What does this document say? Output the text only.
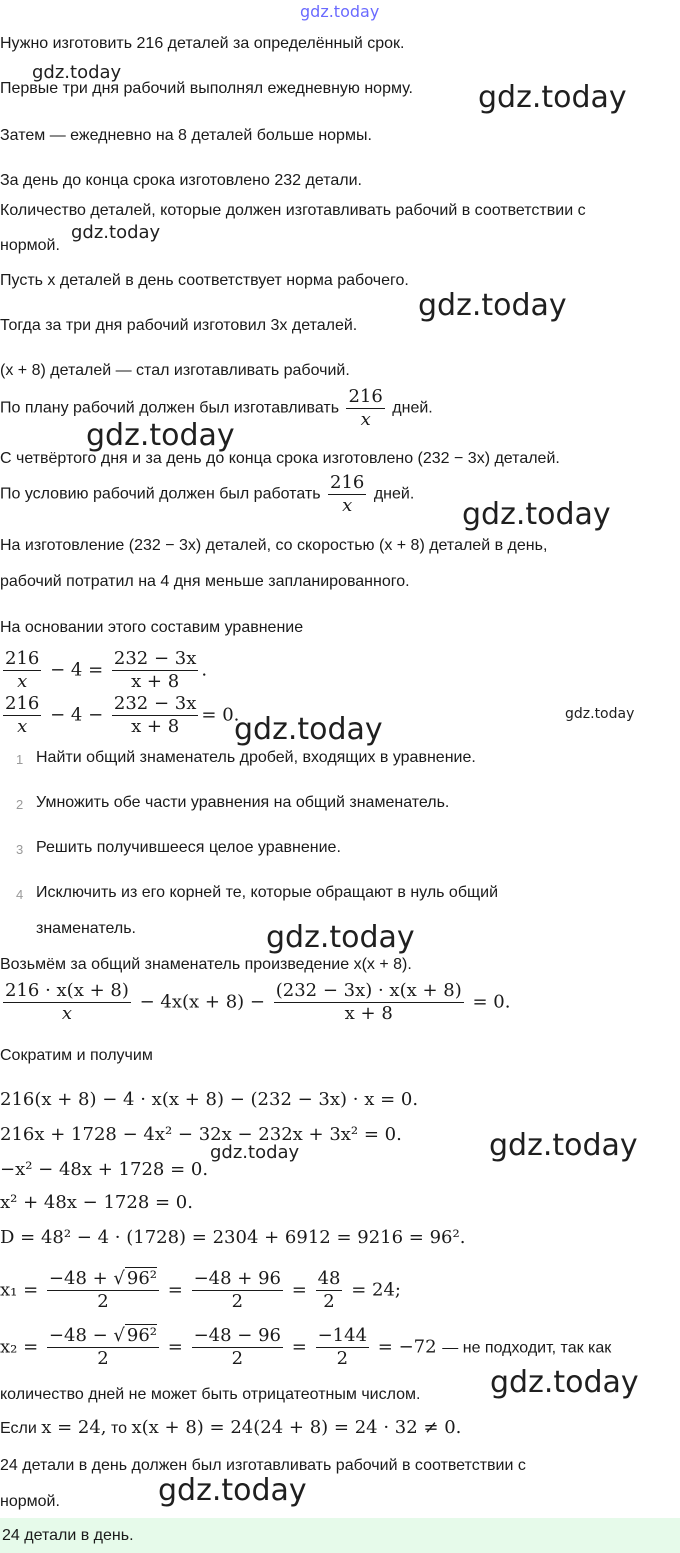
gdz.today
Нужно изготовить 216 деталей за определённый срок.
Первые три дня рабочий выполнял ежедневную норму.
Затем — ежедневно на 8 деталей больше нормы.
За день до конца срока изготовлено 232 детали.
Количество деталей, которые должен изготавливать рабочий в соответствии с
нормой.
Пусть x деталей в день соответствует норма рабочего.
Тогда за три дня рабочий изготовил 3x деталей.
(x + 8) деталей — стал изготавливать рабочий.
По плану рабочий должен был изготавливать $\frac{216}{x}$ дней.
С четвёртого дня и за день до конца срока изготовлено (232 − 3x) деталей.
По условию рабочий должен был работать $\frac{216}{x}$ дней.
На изготовление (232 − 3x) деталей, со скоростью (x + 8) деталей в день,
рабочий потратил на 4 дня меньше запланированного.
На основании этого составим уравнение
$\frac{216}{x} - 4 = \frac{232 - 3x}{x + 8}$ .
$\frac{216}{x} - 4 - \frac{232 - 3x}{x + 8} = 0$.
1 Найти общий знаменатель дробей, входящих в уравнение.
2 Умножить обе части уравнения на общий знаменатель.
3 Решить получившееся целое уравнение.
4 Исключить из его корней те, которые обращают в нуль общий
знаменатель.
Возьмём за общий знаменатель произведение x(x + 8).
$\frac{216 \cdot x(x + 8)}{x} - 4x(x + 8) - \frac{(232 - 3x) \cdot x(x + 8)}{x + 8} = 0$.
Сократим и получим
216(x + 8) − 4 · x(x + 8) − (232 − 3x) · x = 0.
216x + 1728 − 4x² − 32x − 232x + 3x² = 0.
−x² − 48x + 1728 = 0.
x² + 48x − 1728 = 0.
D = 48² − 4 · (1728) = 2304 + 6912 = 9216 = 96².
$x_1 = \frac{\text{−48 + √ 96²}}{2} = \frac{-48 + 96}{2} = \frac{48}{2} = 24$;
$x_2 = \frac{\text{−48 − √ 96²}}{2} = \frac{-48 - 96}{2} = \frac{-144}{2} = -72$ — не подходит, так как
количество дней не может быть отрицатеотным числом.
Если x = 24, то x(x + 8) = 24(24 + 8) = 24 · 32 ≠ 0.
24 детали в день должен был изготавливать рабочий в соответствии с
нормой.
24 детали в день.
gdz.today
gdz.today
gdz.today
gdz.today
gdz.today
gdz.today
gdz.today	gdz.today
gdz.today
gdz.today
gdz.today
gdz.today
gdz.today
